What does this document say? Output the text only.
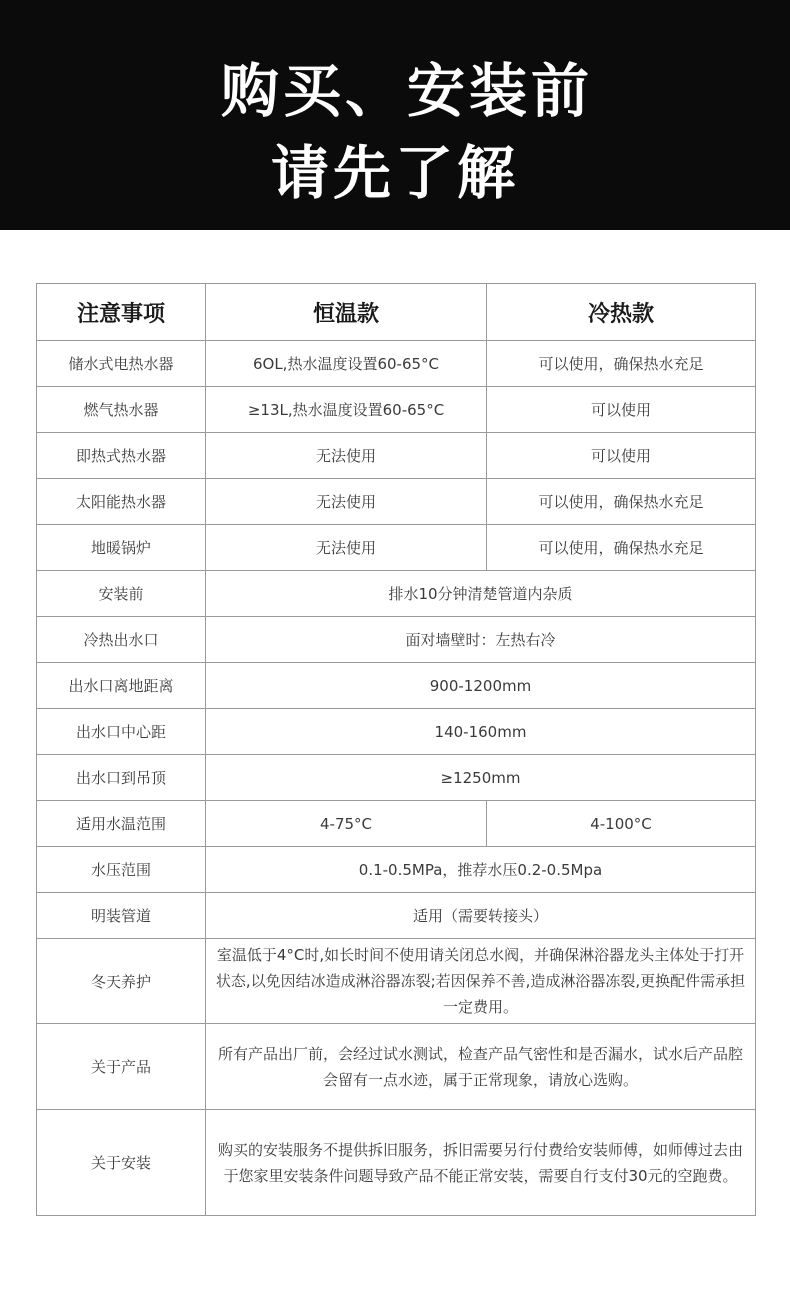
购买、安装前
请先了解
注意事项	恒温款	冷热款
储水式电热水器	6OL,热水温度设置60-65°C	可以使用，确保热水充足
燃气热水器	≥13L,热水温度设置60-65°C	可以使用
即热式热水器	无法使用	可以使用
太阳能热水器	无法使用	可以使用，确保热水充足
地暖锅炉	无法使用	可以使用，确保热水充足
安装前	排水10分钟清楚管道内杂质	
冷热出水口	面对墙壁时：左热右冷	
出水口离地距离	900-1200mm	
出水口中心距	140-160mm	
出水口到吊顶	≥1250mm	
适用水温范围	4-75°C	4-100°C
水压范围	0.1-0.5MPa，推荐水压0.2-0.5Mpa	
明装管道	适用（需要转接头）	
冬天养护	室温低于4°C时,如长时间不使用请关闭总水阀，并确保淋浴器龙头主体处于打开状态,以免因结冰造成淋浴器冻裂;若因保养不善,造成淋浴器冻裂,更换配件需承担一定费用。	
关于产品	所有产品出厂前，会经过试水测试，检查产品气密性和是否漏水，试水后产品腔会留有一点水迹，属于正常现象，请放心选购。	
关于安装	购买的安装服务不提供拆旧服务，拆旧需要另行付费给安装师傅，如师傅过去由于您家里安装条件问题导致产品不能正常安装，需要自行支付30元的空跑费。	
